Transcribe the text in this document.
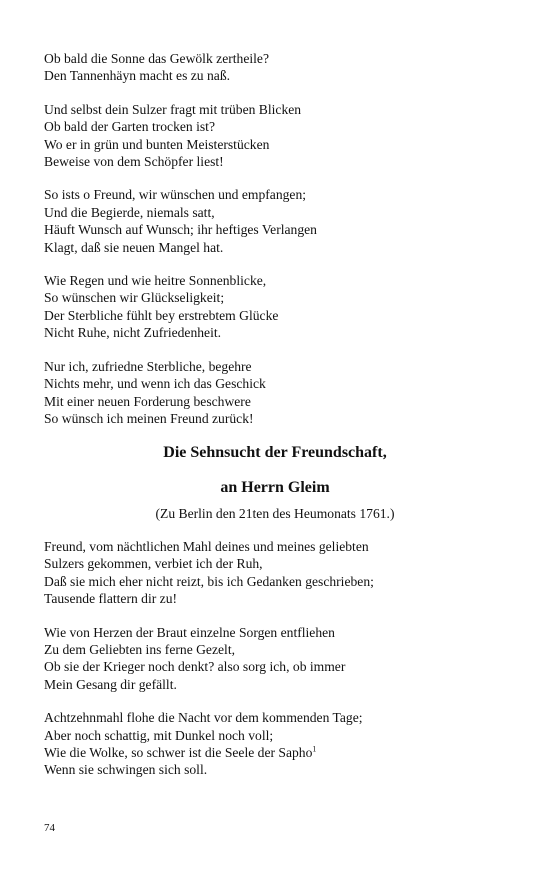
Ob bald die Sonne das Gewölk zertheile?
Den Tannenhäyn macht es zu naß.
Und selbst dein Sulzer fragt mit trüben Blicken
Ob bald der Garten trocken ist?
Wo er in grün und bunten Meisterstücken
Beweise von dem Schöpfer liest!
So ists o Freund, wir wünschen und empfangen;
Und die Begierde, niemals satt,
Häuft Wunsch auf Wunsch; ihr heftiges Verlangen
Klagt, daß sie neuen Mangel hat.
Wie Regen und wie heitre Sonnenblicke,
So wünschen wir Glückseligkeit;
Der Sterbliche fühlt bey erstrebtem Glücke
Nicht Ruhe, nicht Zufriedenheit.
Nur ich, zufriedne Sterbliche, begehre
Nichts mehr, und wenn ich das Geschick
Mit einer neuen Forderung beschwere
So wünsch ich meinen Freund zurück!
Die Sehnsucht der Freundschaft,
an Herrn Gleim
(Zu Berlin den 21ten des Heumonats 1761.)
Freund, vom nächtlichen Mahl deines und meines geliebten
Sulzers gekommen, verbiet ich der Ruh,
Daß sie mich eher nicht reizt, bis ich Gedanken geschrieben;
Tausende flattern dir zu!
Wie von Herzen der Braut einzelne Sorgen entfliehen
Zu dem Geliebten ins ferne Gezelt,
Ob sie der Krieger noch denkt? also sorg ich, ob immer
Mein Gesang dir gefällt.
Achtzehnmahl flohe die Nacht vor dem kommenden Tage;
Aber noch schattig, mit Dunkel noch voll;
Wie die Wolke, so schwer ist die Seele der Sapho$^1$
Wenn sie schwingen sich soll.
74
